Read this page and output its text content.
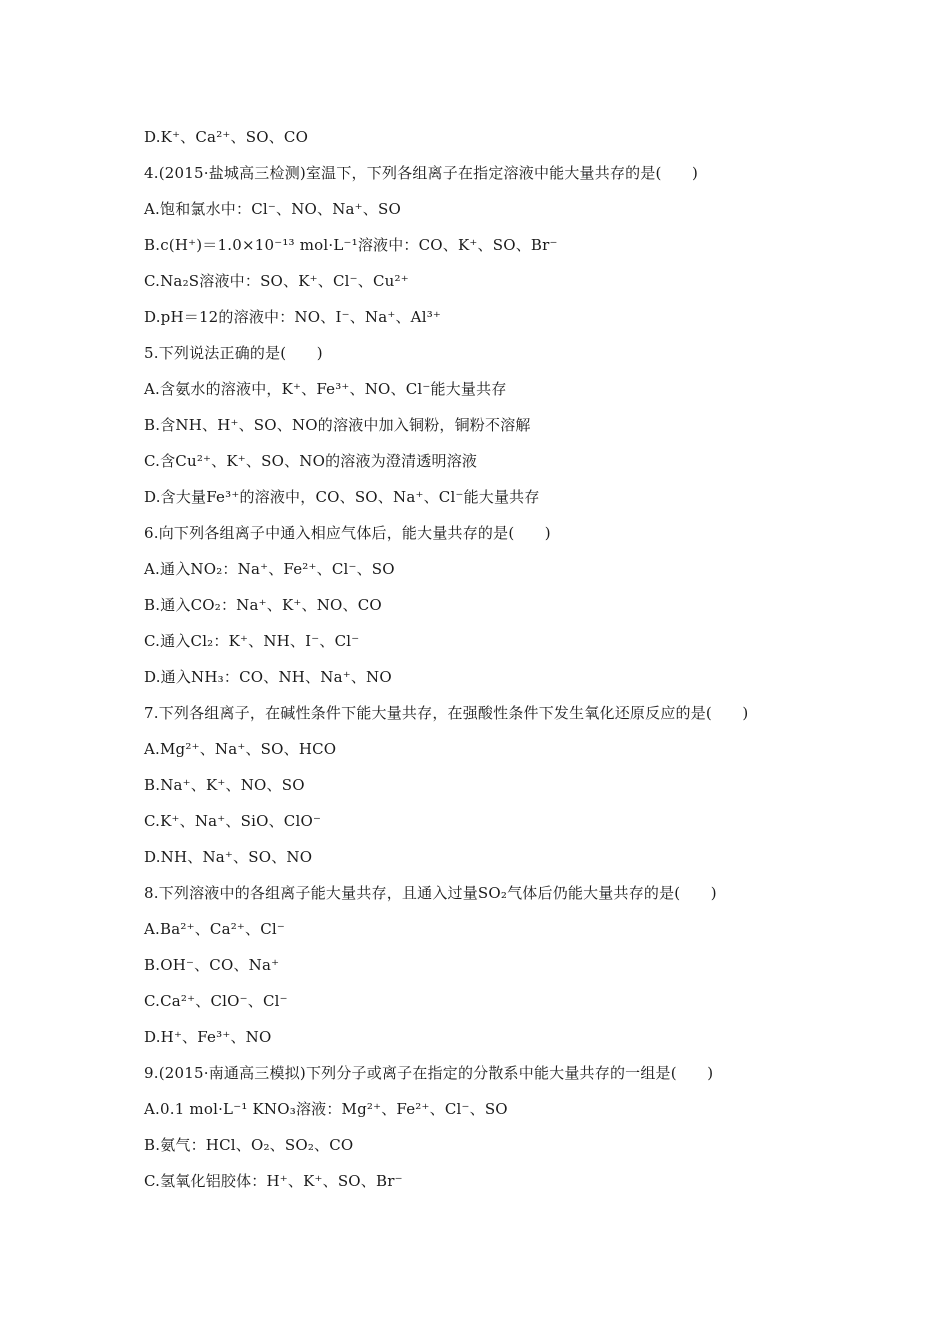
D.K⁺、Ca²⁺、SO、CO
4.(2015·盐城高三检测)室温下，下列各组离子在指定溶液中能大量共存的是(　　)
A.饱和氯水中：Cl⁻、NO、Na⁺、SO
B.c(H⁺)＝1.0×10⁻¹³ mol·L⁻¹溶液中：CO、K⁺、SO、Br⁻
C.Na₂S溶液中：SO、K⁺、Cl⁻、Cu²⁺
D.pH＝12的溶液中：NO、I⁻、Na⁺、Al³⁺
5.下列说法正确的是(　　)
A.含氨水的溶液中，K⁺、Fe³⁺、NO、Cl⁻能大量共存
B.含NH、H⁺、SO、NO的溶液中加入铜粉，铜粉不溶解
C.含Cu²⁺、K⁺、SO、NO的溶液为澄清透明溶液
D.含大量Fe³⁺的溶液中，CO、SO、Na⁺、Cl⁻能大量共存
6.向下列各组离子中通入相应气体后，能大量共存的是(　　)
A.通入NO₂：Na⁺、Fe²⁺、Cl⁻、SO
B.通入CO₂：Na⁺、K⁺、NO、CO
C.通入Cl₂：K⁺、NH、I⁻、Cl⁻
D.通入NH₃：CO、NH、Na⁺、NO
7.下列各组离子，在碱性条件下能大量共存，在强酸性条件下发生氧化还原反应的是(　　)
A.Mg²⁺、Na⁺、SO、HCO
B.Na⁺、K⁺、NO、SO
C.K⁺、Na⁺、SiO、ClO⁻
D.NH、Na⁺、SO、NO
8.下列溶液中的各组离子能大量共存，且通入过量SO₂气体后仍能大量共存的是(　　)
A.Ba²⁺、Ca²⁺、Cl⁻
B.OH⁻、CO、Na⁺
C.Ca²⁺、ClO⁻、Cl⁻
D.H⁺、Fe³⁺、NO
9.(2015·南通高三模拟)下列分子或离子在指定的分散系中能大量共存的一组是(　　)
A.0.1 mol·L⁻¹ KNO₃溶液：Mg²⁺、Fe²⁺、Cl⁻、SO
B.氨气：HCl、O₂、SO₂、CO
C.氢氧化铝胶体：H⁺、K⁺、SO、Br⁻
